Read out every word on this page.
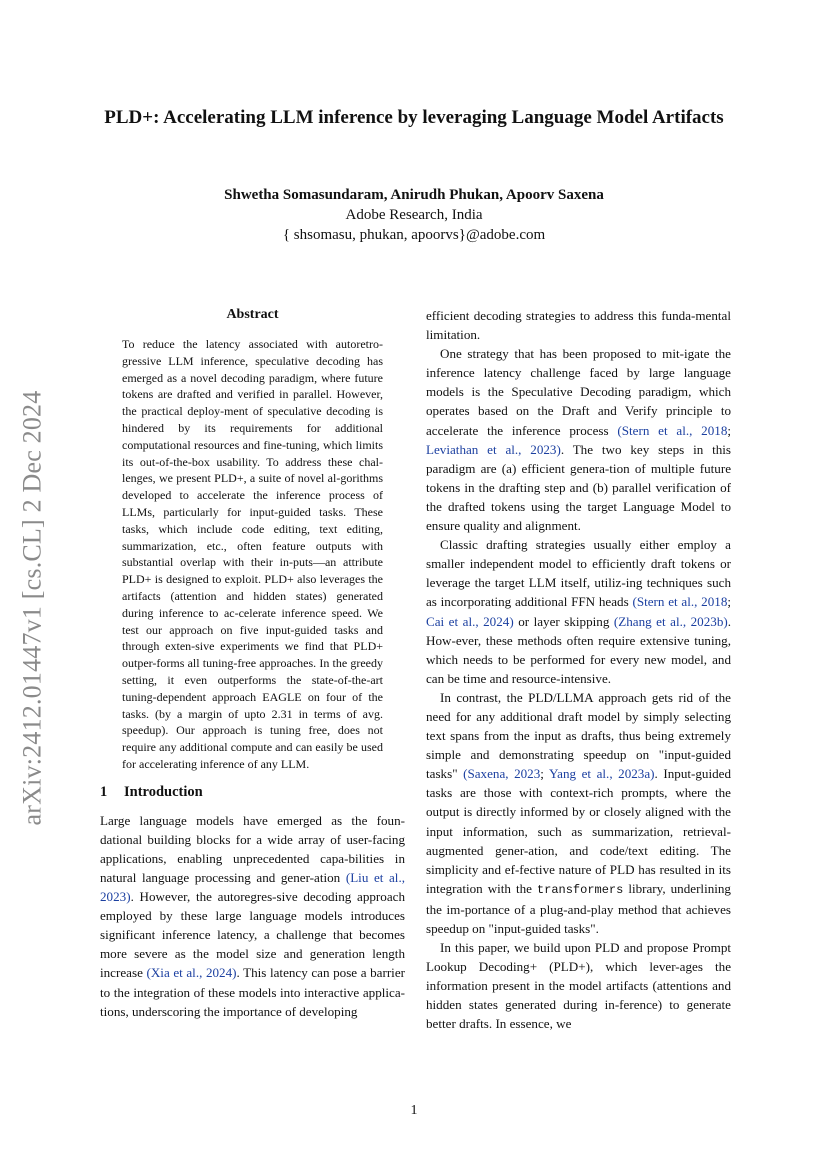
arXiv:2412.01447v1 [cs.CL] 2 Dec 2024
PLD+: Accelerating LLM inference by leveraging Language Model Artifacts
Shwetha Somasundaram, Anirudh Phukan, Apoorv Saxena
Adobe Research, India
{ shsomasu, phukan, apoorvs}@adobe.com
Abstract

To reduce the latency associated with autoretro-gressive LLM inference, speculative decoding has emerged as a novel decoding paradigm, where future tokens are drafted and verified in parallel. However, the practical deploy-ment of speculative decoding is hindered by its requirements for additional computational resources and fine-tuning, which limits its out-of-the-box usability. To address these chal-lenges, we present PLD+, a suite of novel al-gorithms developed to accelerate the inference process of LLMs, particularly for input-guided tasks. These tasks, which include code editing, text editing, summarization, etc., often feature outputs with substantial overlap with their in-puts—an attribute PLD+ is designed to exploit. PLD+ also leverages the artifacts (attention and hidden states) generated during inference to ac-celerate inference speed. We test our approach on five input-guided tasks and through exten-sive experiments we find that PLD+ outper-forms all tuning-free approaches. In the greedy setting, it even outperforms the state-of-the-art tuning-dependent approach EAGLE on four of the tasks. (by a margin of upto 2.31 in terms of avg. speedup). Our approach is tuning free, does not require any additional compute and can easily be used for accelerating inference of any LLM.

1 Introduction

Large language models have emerged as the foun-dational building blocks for a wide array of user-facing applications, enabling unprecedented capa-bilities in natural language processing and gener-ation (Liu et al., 2023). However, the autoregres-sive decoding approach employed by these large language models introduces significant inference latency, a challenge that becomes more severe as the model size and generation length increase (Xia et al., 2024). This latency can pose a barrier to the integration of these models into interactive applica-tions, underscoring the importance of developing

efficient decoding strategies to address this funda-mental limitation.

One strategy that has been proposed to mit-igate the inference latency challenge faced by large language models is the Speculative Decoding paradigm, which operates based on the Draft and Verify principle to accelerate the inference process (Stern et al., 2018; Leviathan et al., 2023). The two key steps in this paradigm are (a) efficient genera-tion of multiple future tokens in the drafting step and (b) parallel verification of the drafted tokens using the target Language Model to ensure quality and alignment.

Classic drafting strategies usually either employ a smaller independent model to efficiently draft tokens or leverage the target LLM itself, utiliz-ing techniques such as incorporating additional FFN heads (Stern et al., 2018; Cai et al., 2024) or layer skipping (Zhang et al., 2023b). How-ever, these methods often require extensive tuning, which needs to be performed for every new model, and can be time and resource-intensive.

In contrast, the PLD/LLMA approach gets rid of the need for any additional draft model by simply selecting text spans from the input as drafts, thus being extremely simple and demonstrating speedup on "input-guided tasks" (Saxena, 2023; Yang et al., 2023a). Input-guided tasks are those with context-rich prompts, where the output is directly informed by or closely aligned with the input information, such as summarization, retrieval-augmented gener-ation, and code/text editing. The simplicity and ef-fective nature of PLD has resulted in its integration with the transformers library, underlining the im-portance of a plug-and-play method that achieves speedup on "input-guided tasks".

In this paper, we build upon PLD and propose Prompt Lookup Decoding+ (PLD+), which lever-ages the information present in the model artifacts (attentions and hidden states generated during in-ference) to generate better drafts. In essence, we

1
